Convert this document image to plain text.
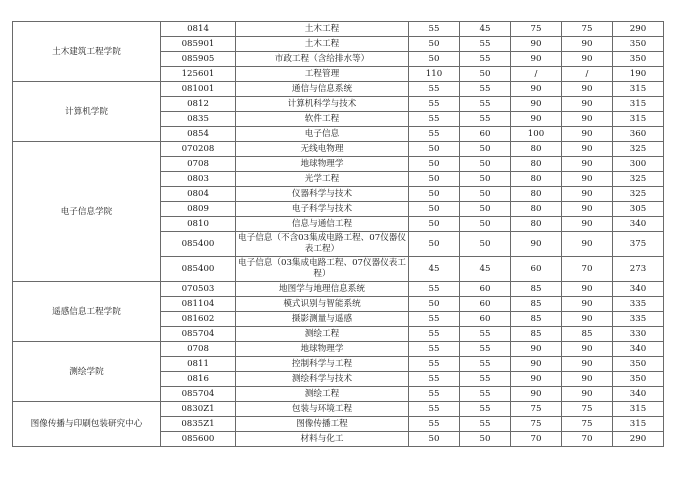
土木建筑工程学院	0814	土木工程	55	45	75	75	290
	085901	土木工程	50	55	90	90	350
	085905	市政工程（含给排水等）	50	55	90	90	350
	125601	工程管理	110	50	/	/	190
计算机学院	081001	通信与信息系统	55	55	90	90	315
	0812	计算机科学与技术	55	55	90	90	315
	0835	软件工程	55	55	90	90	315
	0854	电子信息	55	60	100	90	360
电子信息学院	070208	无线电物理	50	50	80	90	325
	0708	地球物理学	50	50	80	90	300
	0803	光学工程	50	50	80	90	325
	0804	仪器科学与技术	50	50	80	90	325
	0809	电子科学与技术	50	50	80	90	305
	0810	信息与通信工程	50	50	80	90	340
	085400	电子信息（不含03集成电路工程、07仪器仪表工程）	50	50	90	90	375
	085400	电子信息（03集成电路工程、07仪器仪表工程）	45	45	60	70	273
遥感信息工程学院	070503	地图学与地理信息系统	55	60	85	90	340
	081104	模式识别与智能系统	50	60	85	90	335
	081602	摄影测量与遥感	55	60	85	90	335
	085704	测绘工程	55	55	85	85	330
测绘学院	0708	地球物理学	55	55	90	90	340
	0811	控制科学与工程	55	55	90	90	350
	0816	测绘科学与技术	55	55	90	90	350
	085704	测绘工程	55	55	90	90	340
图像传播与印刷包装研究中心	0830Z1	包装与环境工程	55	55	75	75	315
	0835Z1	图像传播工程	55	55	75	75	315
	085600	材料与化工	50	50	70	70	290
